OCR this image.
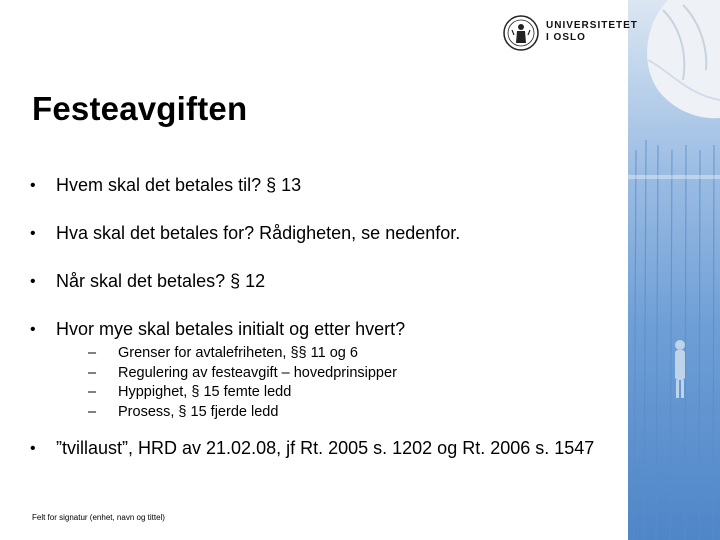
UNIVERSITETET
I OSLO
Festeavgiften
• Hvem skal det betales til? § 13
• Hva skal det betales for? Rådigheten, se nedenfor.
• Når skal det betales? § 12
• Hvor mye skal betales initialt og etter hvert?
– Grenser for avtalefriheten, §§ 11 og 6
– Regulering av festeavgift – hovedprinsipper
– Hyppighet, § 15 femte ledd
– Prosess, § 15 fjerde ledd
• ”tvillaust”, HRD av 21.02.08, jf Rt. 2005 s. 1202 og Rt. 2006 s. 1547
Felt for signatur (enhet, navn og tittel)
